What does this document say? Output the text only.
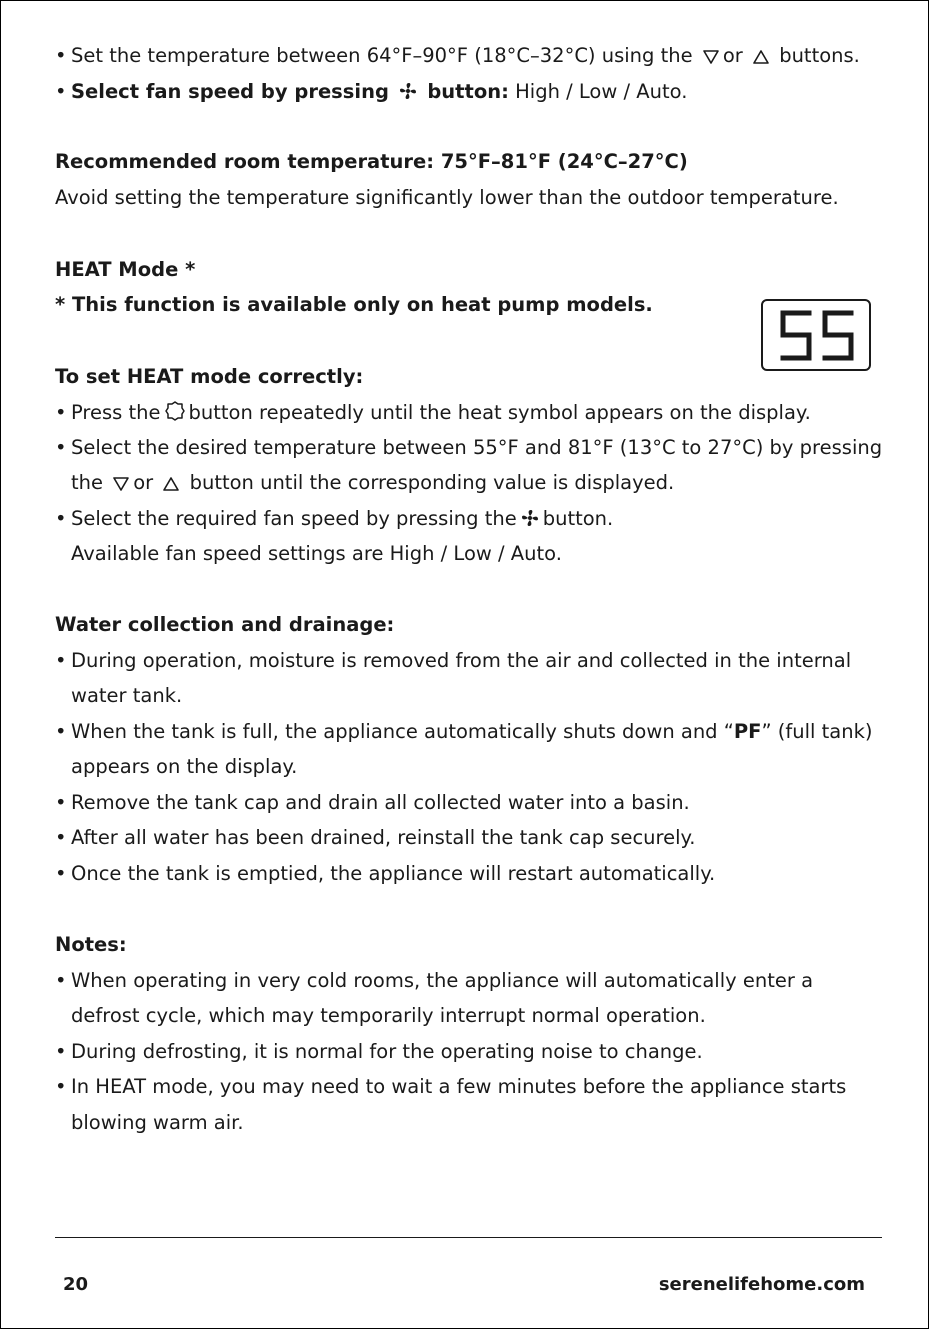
• Set the temperature between 64°F–90°F (18°C–32°C) using the or buttons.
• Select fan speed by pressing button: High / Low / Auto.
Recommended room temperature: 75°F–81°F (24°C–27°C)
Avoid setting the temperature significantly lower than the outdoor temperature.
HEAT Mode *
* This function is available only on heat pump models.
To set HEAT mode correctly:
• Press the button repeatedly until the heat symbol appears on the display.
• Select the desired temperature between 55°F and 81°F (13°C to 27°C) by pressing
the or button until the corresponding value is displayed.
• Select the required fan speed by pressing the button.
Available fan speed settings are High / Low / Auto.
Water collection and drainage:
• During operation, moisture is removed from the air and collected in the internal
water tank.
• When the tank is full, the appliance automatically shuts down and “PF” (full tank)
appears on the display.
• Remove the tank cap and drain all collected water into a basin.
• After all water has been drained, reinstall the tank cap securely.
• Once the tank is emptied, the appliance will restart automatically.
Notes:
• When operating in very cold rooms, the appliance will automatically enter a
defrost cycle, which may temporarily interrupt normal operation.
• During defrosting, it is normal for the operating noise to change.
• In HEAT mode, you may need to wait a few minutes before the appliance starts
blowing warm air.
20	serenelifehome.com
